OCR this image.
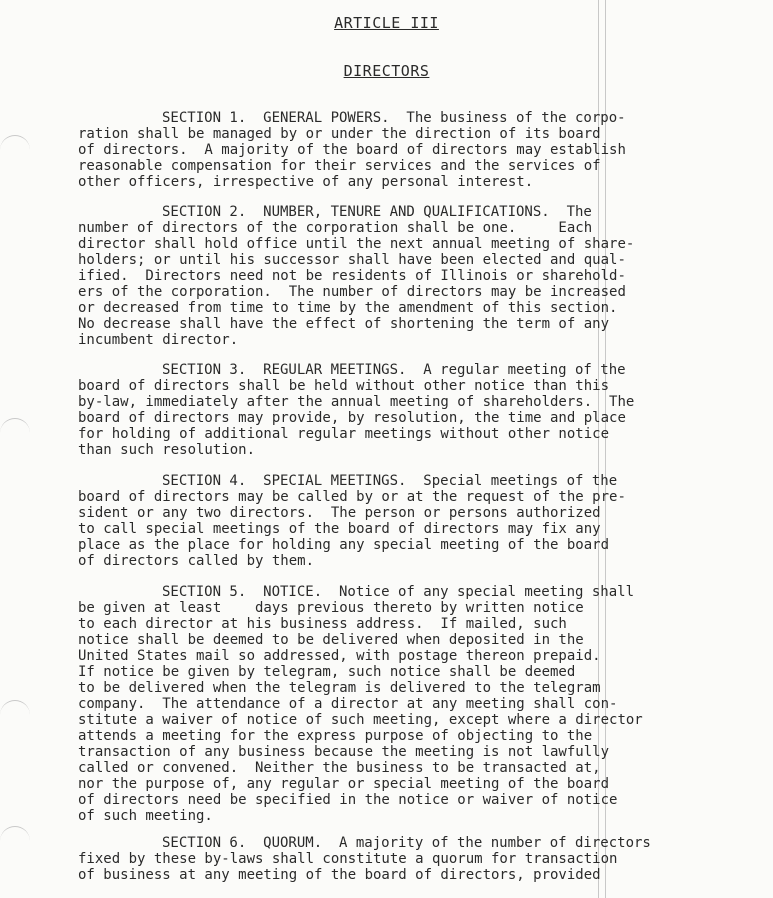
ARTICLE III
DIRECTORS
SECTION 1.  GENERAL POWERS.  The business of the corpo-
ration shall be managed by or under the direction of its board
of directors.  A majority of the board of directors may establish
reasonable compensation for their services and the services of
other officers, irrespective of any personal interest.
SECTION 2.  NUMBER, TENURE AND QUALIFICATIONS.  The
number of directors of the corporation shall be one.     Each
director shall hold office until the next annual meeting of share-
holders; or until his successor shall have been elected and qual-
ified.  Directors need not be residents of Illinois or sharehold-
ers of the corporation.  The number of directors may be increased
or decreased from time to time by the amendment of this section.
No decrease shall have the effect of shortening the term of any
incumbent director.
SECTION 3.  REGULAR MEETINGS.  A regular meeting of the
board of directors shall be held without other notice than this
by-law, immediately after the annual meeting of shareholders.  The
board of directors may provide, by resolution, the time and place
for holding of additional regular meetings without other notice
than such resolution.
SECTION 4.  SPECIAL MEETINGS.  Special meetings of the
board of directors may be called by or at the request of the pre-
sident or any two directors.  The person or persons authorized
to call special meetings of the board of directors may fix any
place as the place for holding any special meeting of the board
of directors called by them.
SECTION 5.  NOTICE.  Notice of any special meeting shall
be given at least    days previous thereto by written notice
to each director at his business address.  If mailed, such
notice shall be deemed to be delivered when deposited in the
United States mail so addressed, with postage thereon prepaid.
If notice be given by telegram, such notice shall be deemed
to be delivered when the telegram is delivered to the telegram
company.  The attendance of a director at any meeting shall con-
stitute a waiver of notice of such meeting, except where a director
attends a meeting for the express purpose of objecting to the
transaction of any business because the meeting is not lawfully
called or convened.  Neither the business to be transacted at,
nor the purpose of, any regular or special meeting of the board
of directors need be specified in the notice or waiver of notice
of such meeting.
SECTION 6.  QUORUM.  A majority of the number of directors
fixed by these by-laws shall constitute a quorum for transaction
of business at any meeting of the board of directors, provided
